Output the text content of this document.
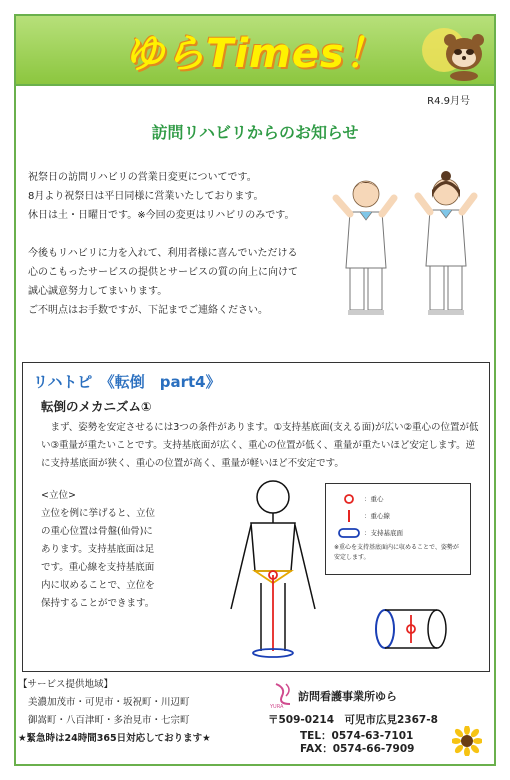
ゆらTimes！
R4.9月号
訪問リハビリからのお知らせ
祝祭日の訪問リハビリの営業日変更についてです。
8月より祝祭日は平日同様に営業いたしております。
休日は土・日曜日です。※今回の変更はリハビリのみです。
今後もリハビリに力を入れて、利用者様に喜んでいただける
心のこもったサービスの提供とサービスの質の向上に向けて
誠心誠意努力してまいります。
ご不明点はお手数ですが、下記までご連絡ください。
リハトピ　《転倒　part4》
転倒のメカニズム①
まず、姿勢を安定させるには3つの条件があります。①支持基底面(支える面)が広い②重心の位置が低い③重量が重たいことです。支持基底面が広く、重心の位置が低く、重量が重たいほど安定します。逆に支持基底面が狭く、重心の位置が高く、重量が軽いほど不安定です。
<立位>
立位を例に挙げると、立位
の重心位置は骨盤(仙骨)に
あります。支持基底面は足
です。重心線を支持基底面
内に収めることで、立位を
保持することができます。
：重心
：重心線
：支持基底面
※重心を支持基底面内に収めることで、姿勢が安定します。
【サービス提供地域】
美濃加茂市・可児市・坂祝町・川辺町
御嵩町・八百津町・多治見市・七宗町
★緊急時は24時間365日対応しております★
YURA
訪問看護事業所ゆら
〒509-0214　可児市広見2367-8
TEL：0574-63-7101
FAX：0574-66-7909
